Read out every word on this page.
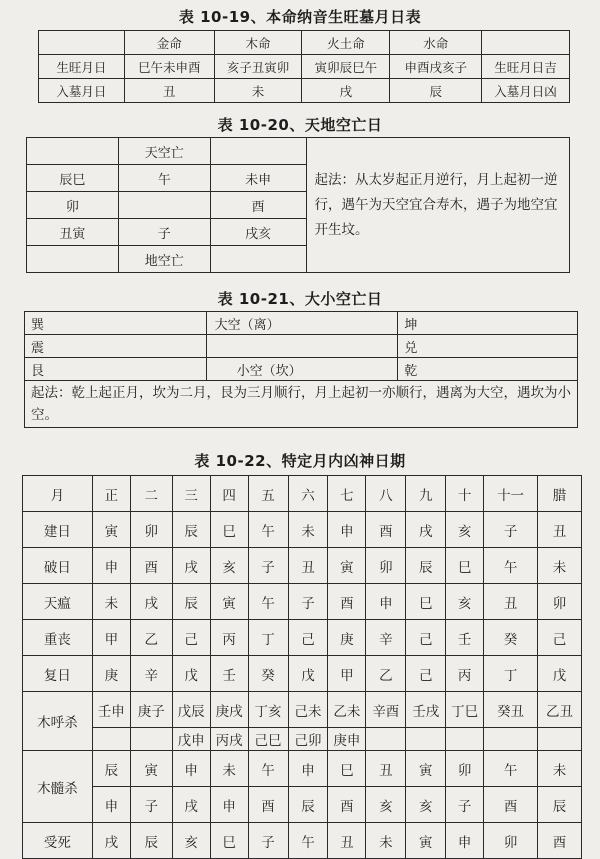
表 10-19、本命纳音生旺墓月日表
	金命	木命	火土命	水命	
生旺月日	巳午未申酉	亥子丑寅卯	寅卯辰巳午	申酉戌亥子	生旺月日吉
入墓月日	丑	未	戌	辰	入墓月日凶
表 10-20、天地空亡日
	天空亡		起法：从太岁起正月逆行，月上起初一逆行，遇午为天空宜合寿木，遇子为地空宜开生坟。
辰巳	午	未申	
卯		酉	
丑寅	子	戌亥	
	地空亡		
表 10-21、大小空亡日
巽	大空（离）	坤
震		兑
艮	小空（坎）	乾
起法：乾上起正月，坎为二月，艮为三月顺行，月上起初一亦顺行，遇离为大空，遇坎为小空。		
表 10-22、特定月内凶神日期
月	正	二	三	四	五	六	七	八	九	十	十一	腊
建日	寅	卯	辰	巳	午	未	申	酉	戌	亥	子	丑
破日	申	酉	戌	亥	子	丑	寅	卯	辰	巳	午	未
天瘟	未	戌	辰	寅	午	子	酉	申	巳	亥	丑	卯
重丧	甲	乙	己	丙	丁	己	庚	辛	己	壬	癸	己
复日	庚	辛	戊	壬	癸	戊	甲	乙	己	丙	丁	戊
木呼杀	壬申	庚子	戊辰	庚戌	丁亥	己未	乙未	辛酉	壬戌	丁巳	癸丑	乙丑
			戊申	丙戌	己巳	己卯	庚申					
木髓杀	辰	寅	申	未	午	申	巳	丑	寅	卯	午	未
	申	子	戌	申	酉	辰	酉	亥	亥	子	酉	辰
受死	戌	辰	亥	巳	子	午	丑	未	寅	申	卯	酉
